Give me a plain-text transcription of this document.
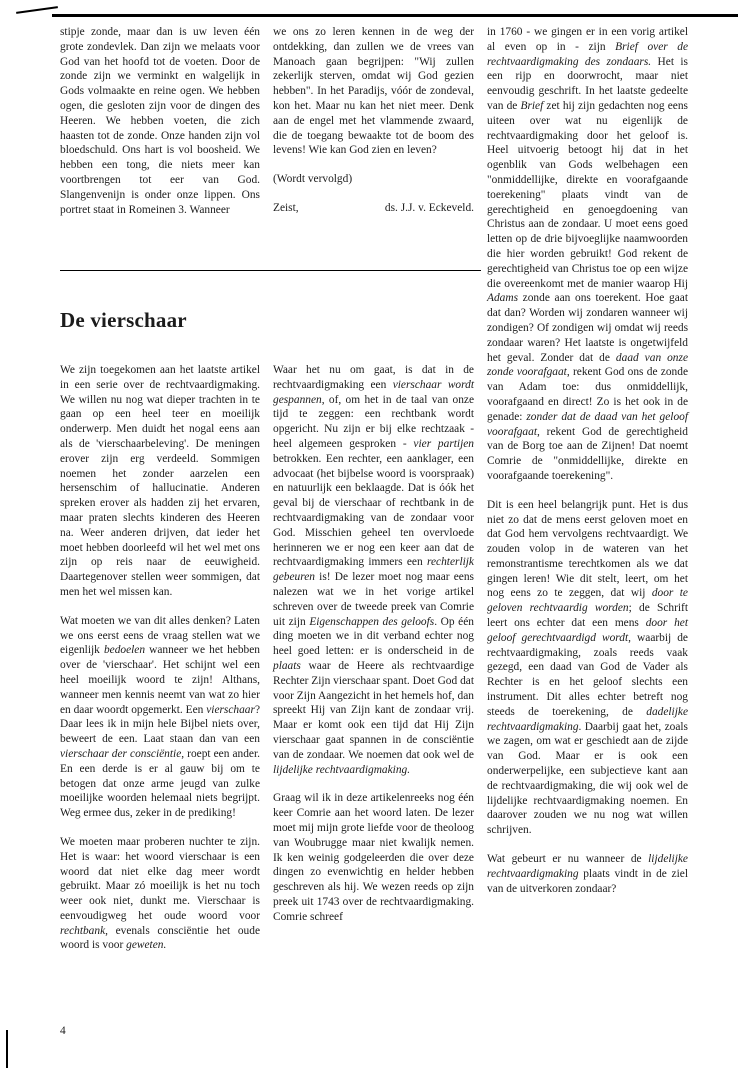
stipje zonde, maar dan is uw leven één grote zondevlek. Dan zijn we melaats voor God van het hoofd tot de voeten. Door de zonde zijn we verminkt en walgelijk in Gods volmaakte en reine ogen. We hebben ogen, die gesloten zijn voor de dingen des Heeren. We hebben voeten, die zich haasten tot de zonde. Onze handen zijn vol bloedschuld. Ons hart is vol boosheid. We hebben een tong, die niets meer kan voortbrengen tot eer van God. Slangenvenijn is onder onze lippen. Ons portret staat in Romeinen 3. Wanneer

we ons zo leren kennen in de weg der ontdekking, dan zullen we de vrees van Manoach gaan begrijpen: "Wij zullen zekerlijk sterven, omdat wij God gezien hebben". In het Paradijs, vóór de zondeval, kon het. Maar nu kan het niet meer. Denk aan de engel met het vlammende zwaard, die de toegang bewaakte tot de boom des levens! Wie kan God zien en leven?

(Wordt vervolgd)

Zeist,	ds. J.J. v. Eckeveld.
De vierschaar

We zijn toegekomen aan het laatste artikel in een serie over de rechtvaardigmaking. We willen nu nog wat dieper trachten in te gaan op een heel teer en moeilijk onderwerp. Men duidt het nogal eens aan als de 'vierschaarbeleving'. De meningen erover zijn erg verdeeld. Sommigen noemen het zonder aarzelen een hersenschim of hallucinatie. Anderen spreken erover als hadden zij het ervaren, maar praten slechts kinderen des Heeren na. Weer anderen drijven, dat ieder het moet hebben doorleefd wil het wel met ons zijn op reis naar de eeuwigheid. Daartegenover stellen weer sommigen, dat men het wel missen kan.

Wat moeten we van dit alles denken? Laten we ons eerst eens de vraag stellen wat we eigenlijk bedoelen wanneer we het hebben over de 'vierschaar'. Het schijnt wel een heel moeilijk woord te zijn! Althans, wanneer men kennis neemt van wat zo hier en daar woordt opgemerkt. Een vierschaar? Daar lees ik in mijn hele Bijbel niets over, beweert de een. Laat staan dan van een vierschaar der consciëntie, roept een ander. En een derde is er al gauw bij om te betogen dat onze arme jeugd van zulke moeilijke woorden helemaal niets begrijpt. Weg ermee dus, zeker in de prediking!

We moeten maar proberen nuchter te zijn. Het is waar: het woord vierschaar is een woord dat niet elke dag meer wordt gebruikt. Maar zó moeilijk is het nu toch weer ook niet, dunkt me. Vierschaar is eenvoudigweg het oude woord voor rechtbank, evenals consciëntie het oude woord is voor geweten.

Waar het nu om gaat, is dat in de rechtvaardigmaking een vierschaar wordt gespannen, of, om het in de taal van onze tijd te zeggen: een rechtbank wordt opgericht. Nu zijn er bij elke rechtzaak - heel algemeen gesproken - vier partijen betrokken. Een rechter, een aanklager, een advocaat (het bijbelse woord is voorspraak) en natuurlijk een beklaagde. Dat is óók het geval bij de vierschaar of rechtbank in de rechtvaardigmaking van de zondaar voor God. Misschien geheel ten overvloede herinneren we er nog een keer aan dat de rechtvaardigmaking immers een rechterlijk gebeuren is! De lezer moet nog maar eens nalezen wat we in het vorige artikel schreven over de tweede preek van Comrie uit zijn Eigenschappen des geloofs. Op één ding moeten we in dit verband echter nog heel goed letten: er is onderscheid in de plaats waar de Heere als rechtvaardige Rechter Zijn vierschaar spant. Doet God dat voor Zijn Aangezicht in het hemels hof, dan spreekt Hij van Zijn kant de zondaar vrij. Maar er komt ook een tijd dat Hij Zijn vierschaar gaat spannen in de consciëntie van de zondaar. We noemen dat ook wel de lijdelijke rechtvaardigmaking.

Graag wil ik in deze artikelenreeks nog één keer Comrie aan het woord laten. De lezer moet mij mijn grote liefde voor de theoloog van Woubrugge maar niet kwalijk nemen. Ik ken weinig godgeleerden die over deze dingen zo evenwichtig en helder hebben geschreven als hij. We wezen reeds op zijn preek uit 1743 over de rechtvaardigmaking. Comrie schreef

in 1760 - we gingen er in een vorig artikel al even op in - zijn Brief over de rechtvaardigmaking des zondaars. Het is een rijp en doorwrocht, maar niet eenvoudig geschrift. In het laatste gedeelte van de Brief zet hij zijn gedachten nog eens uiteen over wat nu eigenlijk de rechtvaardigmaking door het geloof is. Heel uitvoerig betoogt hij dat in het ogenblik van Gods welbehagen een "onmiddellijke, direkte en voorafgaande toerekening" plaats vindt van de gerechtigheid en genoegdoening van Christus aan de zondaar. U moet eens goed letten op de drie bijvoeglijke naamwoorden die hier worden gebruikt! God rekent de gerechtigheid van Christus toe op een wijze die overeenkomt met de manier waarop Hij Adams zonde aan ons toerekent. Hoe gaat dat dan? Worden wij zondaren wanneer wij zondigen? Of zondigen wij omdat wij reeds zondaar waren? Het laatste is ongetwijfeld het geval. Zonder dat de daad van onze zonde voorafgaat, rekent God ons de zonde van Adam toe: dus onmiddellijk, voorafgaand en direct! Zo is het ook in de genade: zonder dat de daad van het geloof voorafgaat, rekent God de gerechtigheid van de Borg toe aan de Zijnen! Dat noemt Comrie de "onmiddellijke, direkte en voorafgaande toerekening".

Dit is een heel belangrijk punt. Het is dus niet zo dat de mens eerst geloven moet en dat God hem vervolgens rechtvaardigt. We zouden volop in de wateren van het remonstrantisme terechtkomen als we dat gingen leren! Wie dit stelt, leert, om het nog eens zo te zeggen, dat wij door te geloven rechtvaardig worden; de Schrift leert ons echter dat een mens door het geloof gerechtvaardigd wordt, waarbij de rechtvaardigmaking, zoals reeds vaak gezegd, een daad van God de Vader als Rechter is en het geloof slechts een instrument. Dit alles echter betreft nog steeds de toerekening, de dadelijke rechtvaardigmaking. Daarbij gaat het, zoals we zagen, om wat er geschiedt aan de zijde van God. Maar er is ook een onderwerpelijke, een subjectieve kant aan de rechtvaardigmaking, die wij ook wel de lijdelijke rechtvaardigmaking noemen. En daarover zouden we nu nog wat willen schrijven.

Wat gebeurt er nu wanneer de lijdelijke rechtvaardigmaking plaats vindt in de ziel van de uitverkoren zondaar?

4
